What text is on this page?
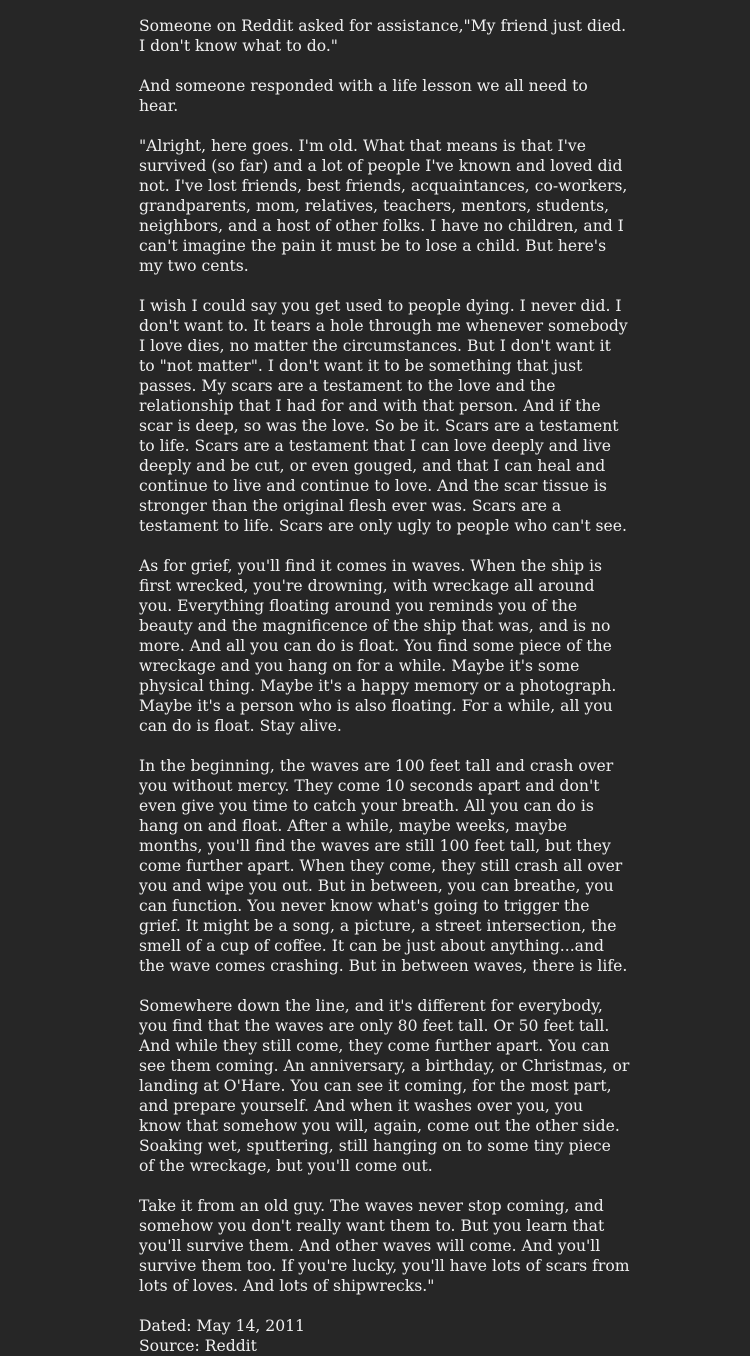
Someone on Reddit asked for assistance,"My friend just died. I don't know what to do."

And someone responded with a life lesson we all need to hear.

"Alright, here goes. I'm old. What that means is that I've survived (so far) and a lot of people I've known and loved did not. I've lost friends, best friends, acquaintances, co-workers, grandparents, mom, relatives, teachers, mentors, students, neighbors, and a host of other folks. I have no children, and I can't imagine the pain it must be to lose a child. But here's my two cents.

I wish I could say you get used to people dying. I never did. I don't want to. It tears a hole through me whenever somebody I love dies, no matter the circumstances. But I don't want it to "not matter". I don't want it to be something that just passes. My scars are a testament to the love and the relationship that I had for and with that person. And if the scar is deep, so was the love. So be it. Scars are a testament to life. Scars are a testament that I can love deeply and live deeply and be cut, or even gouged, and that I can heal and continue to live and continue to love. And the scar tissue is stronger than the original flesh ever was. Scars are a testament to life. Scars are only ugly to people who can't see.

As for grief, you'll find it comes in waves. When the ship is first wrecked, you're drowning, with wreckage all around you. Everything floating around you reminds you of the beauty and the magnificence of the ship that was, and is no more. And all you can do is float. You find some piece of the wreckage and you hang on for a while. Maybe it's some physical thing. Maybe it's a happy memory or a photograph. Maybe it's a person who is also floating. For a while, all you can do is float. Stay alive.

In the beginning, the waves are 100 feet tall and crash over you without mercy. They come 10 seconds apart and don't even give you time to catch your breath. All you can do is hang on and float. After a while, maybe weeks, maybe months, you'll find the waves are still 100 feet tall, but they come further apart. When they come, they still crash all over you and wipe you out. But in between, you can breathe, you can function. You never know what's going to trigger the grief. It might be a song, a picture, a street intersection, the smell of a cup of coffee. It can be just about anything...and the wave comes crashing. But in between waves, there is life.

Somewhere down the line, and it's different for everybody, you find that the waves are only 80 feet tall. Or 50 feet tall. And while they still come, they come further apart. You can see them coming. An anniversary, a birthday, or Christmas, or landing at O'Hare. You can see it coming, for the most part, and prepare yourself. And when it washes over you, you know that somehow you will, again, come out the other side. Soaking wet, sputtering, still hanging on to some tiny piece of the wreckage, but you'll come out.

Take it from an old guy. The waves never stop coming, and somehow you don't really want them to. But you learn that you'll survive them. And other waves will come. And you'll survive them too. If you're lucky, you'll have lots of scars from lots of loves. And lots of shipwrecks."

Dated: May 14, 2011

Source: Reddit
